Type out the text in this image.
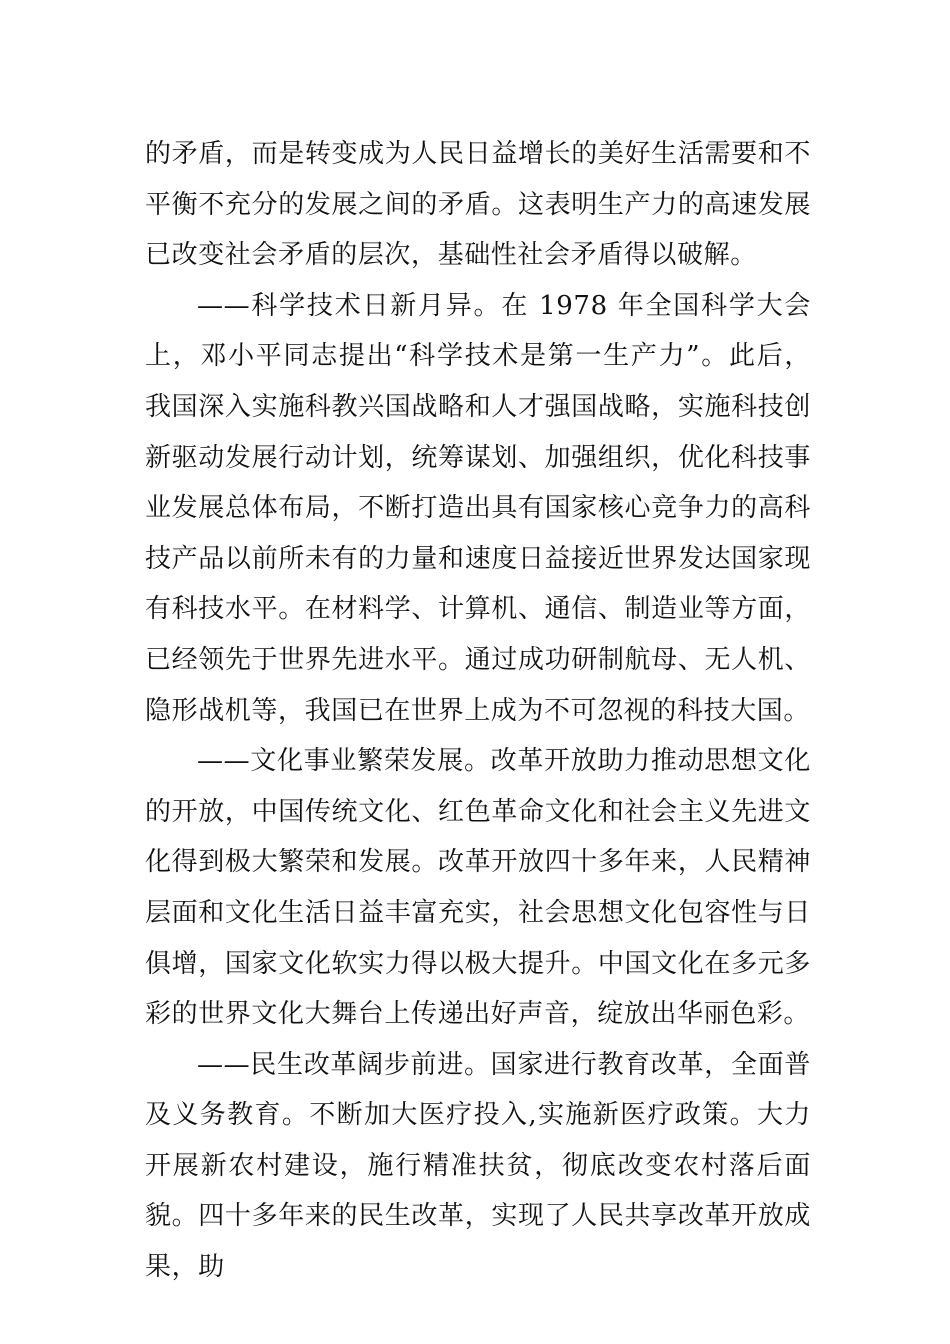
的矛盾，而是转变成为人民日益增长的美好生活需要和不平衡不充分的发展之间的矛盾。这表明生产力的高速发展已改变社会矛盾的层次，基础性社会矛盾得以破解。

——科学技术日新月异。在 1978 年全国科学大会上，邓小平同志提出“科学技术是第一生产力”。此后，我国深入实施科教兴国战略和人才强国战略，实施科技创新驱动发展行动计划，统筹谋划、加强组织，优化科技事业发展总体布局，不断打造出具有国家核心竞争力的高科技产品以前所未有的力量和速度日益接近世界发达国家现有科技水平。在材料学、计算机、通信、制造业等方面，已经领先于世界先进水平。通过成功研制航母、无人机、隐形战机等，我国已在世界上成为不可忽视的科技大国。

——文化事业繁荣发展。改革开放助力推动思想文化的开放，中国传统文化、红色革命文化和社会主义先进文化得到极大繁荣和发展。改革开放四十多年来，人民精神层面和文化生活日益丰富充实，社会思想文化包容性与日俱增，国家文化软实力得以极大提升。中国文化在多元多彩的世界文化大舞台上传递出好声音，绽放出华丽色彩。

——民生改革阔步前进。国家进行教育改革，全面普及义务教育。不断加大医疗投入,实施新医疗政策。大力开展新农村建设，施行精准扶贫，彻底改变农村落后面貌。四十多年来的民生改革，实现了人民共享改革开放成果，助
